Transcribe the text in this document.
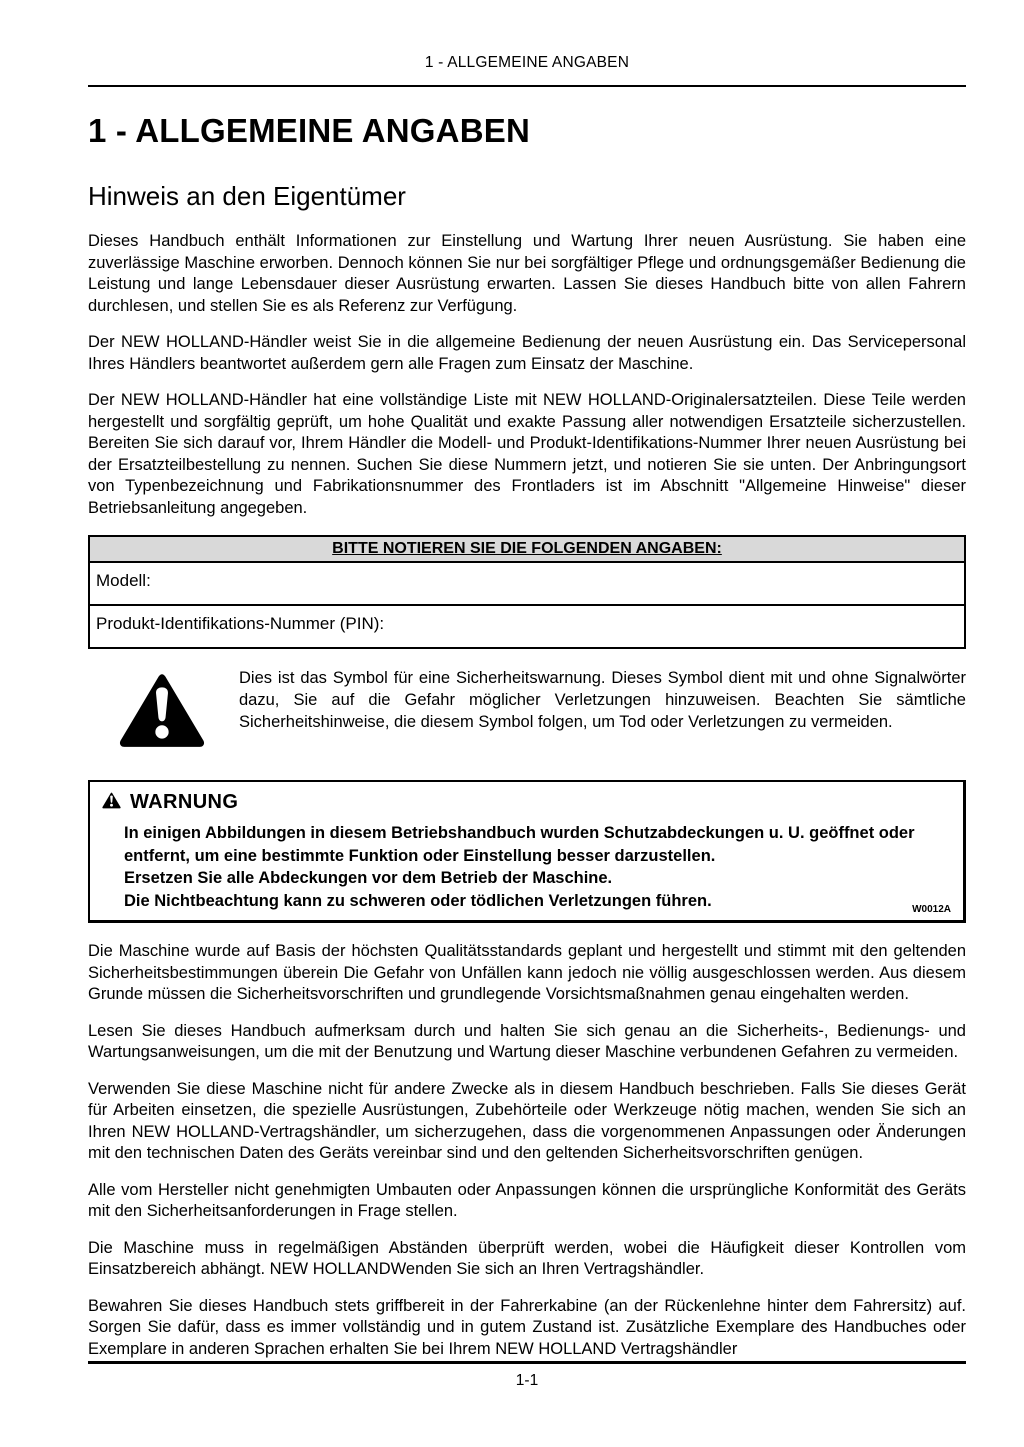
1 - ALLGEMEINE ANGABEN
1 - ALLGEMEINE ANGABEN
Hinweis an den Eigentümer

Dieses Handbuch enthält Informationen zur Einstellung und Wartung Ihrer neuen Ausrüstung. Sie haben eine zuverlässige Maschine erworben. Dennoch können Sie nur bei sorgfältiger Pflege und ordnungsgemäßer Bedienung die Leistung und lange Lebensdauer dieser Ausrüstung erwarten. Lassen Sie dieses Handbuch bitte von allen Fahrern durchlesen, und stellen Sie es als Referenz zur Verfügung.

Der NEW HOLLAND-Händler weist Sie in die allgemeine Bedienung der neuen Ausrüstung ein. Das Servicepersonal Ihres Händlers beantwortet außerdem gern alle Fragen zum Einsatz der Maschine.

Der NEW HOLLAND-Händler hat eine vollständige Liste mit NEW HOLLAND-Originalersatzteilen. Diese Teile werden hergestellt und sorgfältig geprüft, um hohe Qualität und exakte Passung aller notwendigen Ersatzteile sicherzustellen. Bereiten Sie sich darauf vor, Ihrem Händler die Modell- und Produkt-Identifikations-Nummer Ihrer neuen Ausrüstung bei der Ersatzteilbestellung zu nennen. Suchen Sie diese Nummern jetzt, und notieren Sie sie unten. Der Anbringungsort von Typenbezeichnung und Fabrikationsnummer des Frontladers ist im Abschnitt "Allgemeine Hinweise" dieser Betriebsanleitung angegeben.

BITTE NOTIEREN SIE DIE FOLGENDEN ANGABEN:
Modell:
Produkt-Identifikations-Nummer (PIN):

Dies ist das Symbol für eine Sicherheitswarnung. Dieses Symbol dient mit und ohne Signalwörter dazu, Sie auf die Gefahr möglicher Verletzungen hinzuweisen. Beachten Sie sämtliche Sicherheitshinweise, die diesem Symbol folgen, um Tod oder Verletzungen zu vermeiden.

WARNUNG

In einigen Abbildungen in diesem Betriebshandbuch wurden Schutzabdeckungen u. U. geöffnet oder entfernt, um eine bestimmte Funktion oder Einstellung besser darzustellen.

Ersetzen Sie alle Abdeckungen vor dem Betrieb der Maschine.

Die Nichtbeachtung kann zu schweren oder tödlichen Verletzungen führen.	W0012A

Die Maschine wurde auf Basis der höchsten Qualitätsstandards geplant und hergestellt und stimmt mit den geltenden Sicherheitsbestimmungen überein Die Gefahr von Unfällen kann jedoch nie völlig ausgeschlossen werden. Aus diesem Grunde müssen die Sicherheitsvorschriften und grundlegende Vorsichtsmaßnahmen genau eingehalten werden.

Lesen Sie dieses Handbuch aufmerksam durch und halten Sie sich genau an die Sicherheits-, Bedienungs- und Wartungsanweisungen, um die mit der Benutzung und Wartung dieser Maschine verbundenen Gefahren zu vermeiden.

Verwenden Sie diese Maschine nicht für andere Zwecke als in diesem Handbuch beschrieben. Falls Sie dieses Gerät für Arbeiten einsetzen, die spezielle Ausrüstungen, Zubehörteile oder Werkzeuge nötig machen, wenden Sie sich an Ihren NEW HOLLAND-Vertragshändler, um sicherzugehen, dass die vorgenommenen Anpassungen oder Änderungen mit den technischen Daten des Geräts vereinbar sind und den geltenden Sicherheitsvorschriften genügen.

Alle vom Hersteller nicht genehmigten Umbauten oder Anpassungen können die ursprüngliche Konformität des Geräts mit den Sicherheitsanforderungen in Frage stellen.

Die Maschine muss in regelmäßigen Abständen überprüft werden, wobei die Häufigkeit dieser Kontrollen vom Einsatzbereich abhängt. NEW HOLLANDWenden Sie sich an Ihren Vertragshändler.

Bewahren Sie dieses Handbuch stets griffbereit in der Fahrerkabine (an der Rückenlehne hinter dem Fahrersitz) auf. Sorgen Sie dafür, dass es immer vollständig und in gutem Zustand ist. Zusätzliche Exemplare des Handbuches oder Exemplare in anderen Sprachen erhalten Sie bei Ihrem NEW HOLLAND Vertragshändler

1-1
